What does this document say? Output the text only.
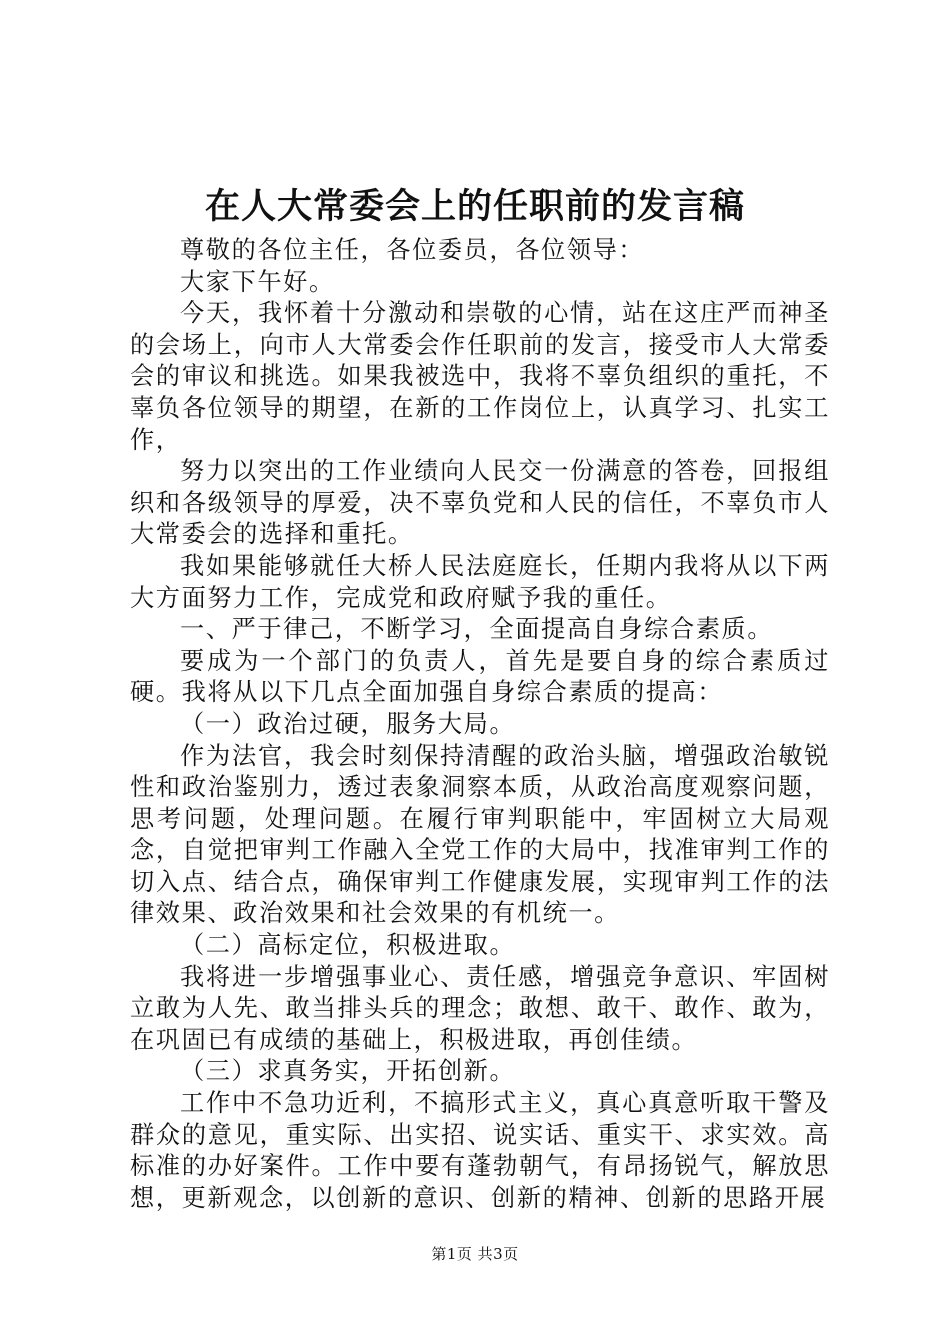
在人大常委会上的任职前的发言稿

尊敬的各位主任，各位委员，各位领导：

大家下午好。

今天，我怀着十分激动和崇敬的心情，站在这庄严而神圣的会场上，向市人大常委会作任职前的发言，接受市人大常委会的审议和挑选。如果我被选中，我将不辜负组织的重托，不辜负各位领导的期望，在新的工作岗位上，认真学习、扎实工作，

努力以突出的工作业绩向人民交一份满意的答卷，回报组织和各级领导的厚爱，决不辜负党和人民的信任，不辜负市人大常委会的选择和重托。

我如果能够就任大桥人民法庭庭长，任期内我将从以下两大方面努力工作，完成党和政府赋予我的重任。

一、严于律己，不断学习，全面提高自身综合素质。

要成为一个部门的负责人，首先是要自身的综合素质过硬。我将从以下几点全面加强自身综合素质的提高：

（一）政治过硬，服务大局。

作为法官，我会时刻保持清醒的政治头脑，增强政治敏锐性和政治鉴别力，透过表象洞察本质，从政治高度观察问题，思考问题，处理问题。在履行审判职能中，牢固树立大局观念，自觉把审判工作融入全党工作的大局中，找准审判工作的切入点、结合点，确保审判工作健康发展，实现审判工作的法律效果、政治效果和社会效果的有机统一。

（二）高标定位，积极进取。

我将进一步增强事业心、责任感，增强竞争意识、牢固树立敢为人先、敢当排头兵的理念；敢想、敢干、敢作、敢为，在巩固已有成绩的基础上，积极进取，再创佳绩。

（三）求真务实，开拓创新。

工作中不急功近利，不搞形式主义，真心真意听取干警及群众的意见，重实际、出实招、说实话、重实干、求实效。高标准的办好案件。工作中要有蓬勃朝气，有昂扬锐气，解放思想，更新观念，以创新的意识、创新的精神、创新的思路开展

第1页 共3页
